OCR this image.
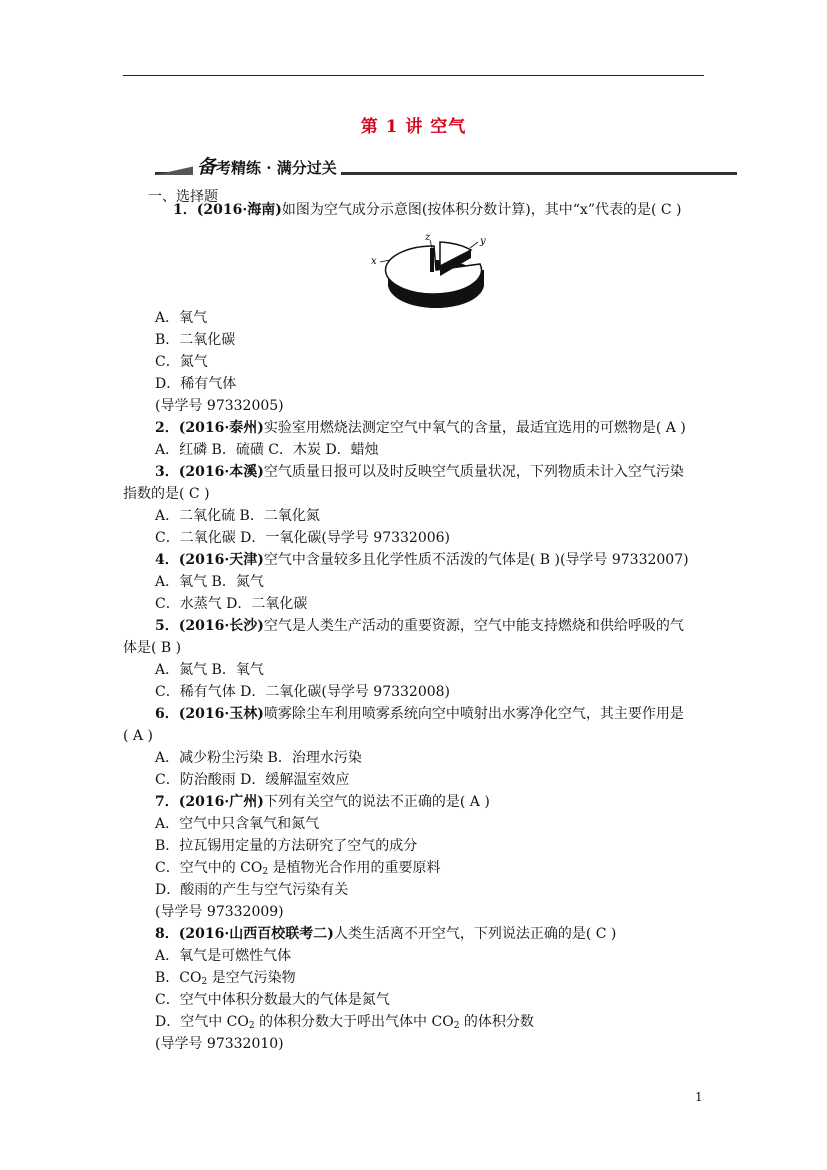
第 1 讲 空气
备考精练 · 满分过关
一、选择题
x
z	y
1．(2016·海南)如图为空气成分示意图(按体积分数计算)，其中“x”代表的是( C )
A．氧气
B．二氧化碳
C．氮气
D．稀有气体
(导学号 97332005)
2．(2016·泰州)实验室用燃烧法测定空气中氧气的含量，最适宜选用的可燃物是( A )
A．红磷 B．硫磺 C．木炭 D．蜡烛
3．(2016·本溪)空气质量日报可以及时反映空气质量状况，下列物质未计入空气污染
指数的是( C )
A．二氧化硫 B．二氧化氮
C．二氧化碳 D．一氧化碳(导学号 97332006)
4．(2016·天津)空气中含量较多且化学性质不活泼的气体是( B )(导学号 97332007)
A．氧气 B．氮气
C．水蒸气 D．二氧化碳
5．(2016·长沙)空气是人类生产活动的重要资源，空气中能支持燃烧和供给呼吸的气
体是( B )
A．氮气 B．氧气
C．稀有气体 D．二氧化碳(导学号 97332008)
6．(2016·玉林)喷雾除尘车利用喷雾系统向空中喷射出水雾净化空气，其主要作用是
( A )
A．减少粉尘污染 B．治理水污染
C．防治酸雨 D．缓解温室效应
7．(2016·广州)下列有关空气的说法不正确的是( A )
A．空气中只含氧气和氮气
B．拉瓦锡用定量的方法研究了空气的成分
C．空气中的 $CO_2$ 是植物光合作用的重要原料
D．酸雨的产生与空气污染有关
(导学号 97332009)
8．(2016·山西百校联考二)人类生活离不开空气，下列说法正确的是( C )
A．氧气是可燃性气体
B．$CO_2$ 是空气污染物
C．空气中体积分数最大的气体是氮气
D．空气中 $CO_2$ 的体积分数大于呼出气体中 $CO_2$ 的体积分数
(导学号 97332010)
1
